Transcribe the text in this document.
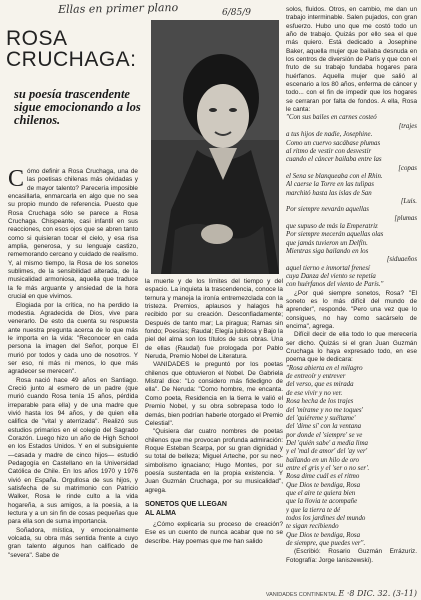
Ellas en primer plano	6/85/9
ROSA
CRUCHAGA:
su poesía trascendente sigue emocionando a los chilenos.

Cómo definir a Rosa Cruchaga, una de las poetisas chilenas más olvidadas y de mayor talento? Parecería imposible encasillarla, enmarcarla en algo que no sea su propio mundo de referencia. Puesto que Rosa Cruchaga sólo se parece a Rosa Cruchaga. Chispeante, casi infantil en sus reacciones, con esos ojos que se abren tanto como si quisieran tocar el cielo, y esa risa amplia, generosa, y su lenguaje castizo, rememorando cercano y cuidado de realismo. Y, al mismo tiempo, la Rosa de los sonetos sublimes, de la sensibilidad alterada, de la musicalidad armoniosa, aquella que traduce la fe más arguante y ansiedad de la hora crucial en que vivimos.

Elogiada por la crítica, no ha perdido la modestia. Agradecida de Dios, vive para venerarlo. De esto da cuenta su respuesta ante nuestra pregunta acerca de lo que más le importa en la vida: "Reconocer en cada persona la imagen del Señor, porque El murió por todos y cada uno de nosotros. Y ser eso, ni más ni menos, lo que más agradecer se merecen".

Rosa nació hace 49 años en Santiago. Creció junto al esmero de un padre (que murió cuando Rosa tenía 15 años, pérdida irreparable para ella) y de una madre que vivió hasta los 94 años, y de quien ella califica de "vital y aterrizada". Realizó sus estudios primarios en el colegio del Sagrado Corazón. Luego hizo un año de High School en los Estados Unidos. Y en el subsiguiente —casada y madre de cinco hijos— estudió Pedagogía en Castellano en la Universidad Católica de Chile. En los años 1970 y 1976 vivió en España. Orgullosa de sus hijos, y satisfecha de su matrimonio con Patricio Walker, Rosa le rinde culto a la vida hogareña, a sus amigos, a la poesía, a la lectura y a un sin fin de cosas pequeñas que para ella son de suma importancia.

Soñadora, mística, y emocionalmente volcada, su obra más sentida frente a cuyo gran talento algunos han calificado de "severa". Sabe de

la muerte y de los límites del tiempo y del espacio. La inquieta la trascendencia, conoce la ternura y maneja la ironía entremezclada con la tristeza. Premios, aplausos y halagos ha recibido por su creación. Desconfiadamente; Después de tanto mar; La piragua; Ramas sin fondo; Poesías; Raudal; Elegía jubilosa y Bajo la piel del alma son los títulos de sus obras. Una de ellas (Raudal) fue prologada por Pablo Neruda, Premio Nobel de Literatura.

VANIDADES le preguntó por los poetas chilenos que obtuvieron el Nobel. De Gabriela Mistral dice: "Lo considero más fidedigno de ella". De Neruda: "Como hombre, me encanta. Como poeta, Residencia en la tierra le valió el Premio Nobel, y su obra sobrepasa todo lo demás, bien podrían haberle otorgado el Premio Celestial".

"Quisiera dar cuatro nombres de poetas chilenos que me provocan profunda admiración: Roque Esteban Scarpa, por su gran dignidad y su total de belleza; Miguel Arteche, por su neo-simbolismo ignaciano; Hugo Montes, por su poesía sustentada en la propia existencia. Y Juan Guzmán Cruchaga, por su musicalidad", agrega.

SONETOS QUE LLEGAN
AL ALMA

¿Cómo explicaría su proceso de creación? Ese es un cuento de nunca acabar que no se describe. Hay poemas que me han salido

solos, fluidos. Otros, en cambio, me dan un trabajo interminable. Salen pujados, con gran esfuerzo. Hubo uno que me costó todo un año de trabajo. Quizás por ello sea el que más quiero. Está dedicado a Josephine Baker, aquella mujer que bailaba desnuda en los centros de diversión de París y que con el fruto de su trabajo fundaba hogares para huérfanos. Aquella mujer que salió al escenario a los 80 años, enferma de cáncer y todo... con el fin de impedir que los hogares se cerraran por falta de fondos. A ella, Rosa le canta:

"Con sus bailes en carnes costeó
[trajes
a tus hijos de nadie, Josephine.
Como un cuervo sacábase plumas
al ritmo de vestir con desvestir
cuando el cáncer bailaba entre las
[copas
el Sena se blanqueaba con el Rhin.
Al caerse la Torre en las tulipas
marchitó hasta las islas de San
[Luis.
Por siempre nevarán aquellas
[plumas
que supuso de más la Emperatriz
Por siempre mecerán aquellas olas
que jamás tuvieron un Delfín.
Mientras siga bailando en los
[siduaeños
aquel tierno e inmortal frenesí
cuya Danza del viento se repetía
con huérfanos del viento de París."

¿Por qué siempre sonetos, Rosa? "El soneto es lo más difícil del mundo de aprender", responde. "Pero una vez que lo consigues, no hay como sacárselo de encima", agrega.

Difícil decir de ella todo lo que merecería ser dicho. Quizás si el gran Juan Guzmán Cruchaga lo haya expresado todo, en ese poema que le dedicara:

"Rosa abierta en el milagro
de entreoír y entrever
del verso, que es mirada
de ese vivir y no ver.
Rosa hecha de los trajes
del 'mírame y no me toques'
del 'quiéreme y suéltame'
del 'dime sí' con la ventana
por donde el 'siempre' se ve
Del 'quién sabe' a media lima
y el 'mal de amor' del 'ay ver'
bailando en un hilo de oro
entre el gris y el 'ser o no ser'.
Rosa dime cuál es el ritmo
Que Dios te bendiga, Rosa
que el aire te quiera bien
que la llovia te acompañe
y que la tierra te dé
todos los jardines del mundo
te sigan recibiendo
Que Dios te bendiga, Rosa
de siempre, que puedes ver".

(Escribió: Rosario Guzmán Errázuriz. Fotografía: Jorge Ianiszewski).

VANIDADES CONTINENTAL E ·8 DIC. 32. (3-11)
